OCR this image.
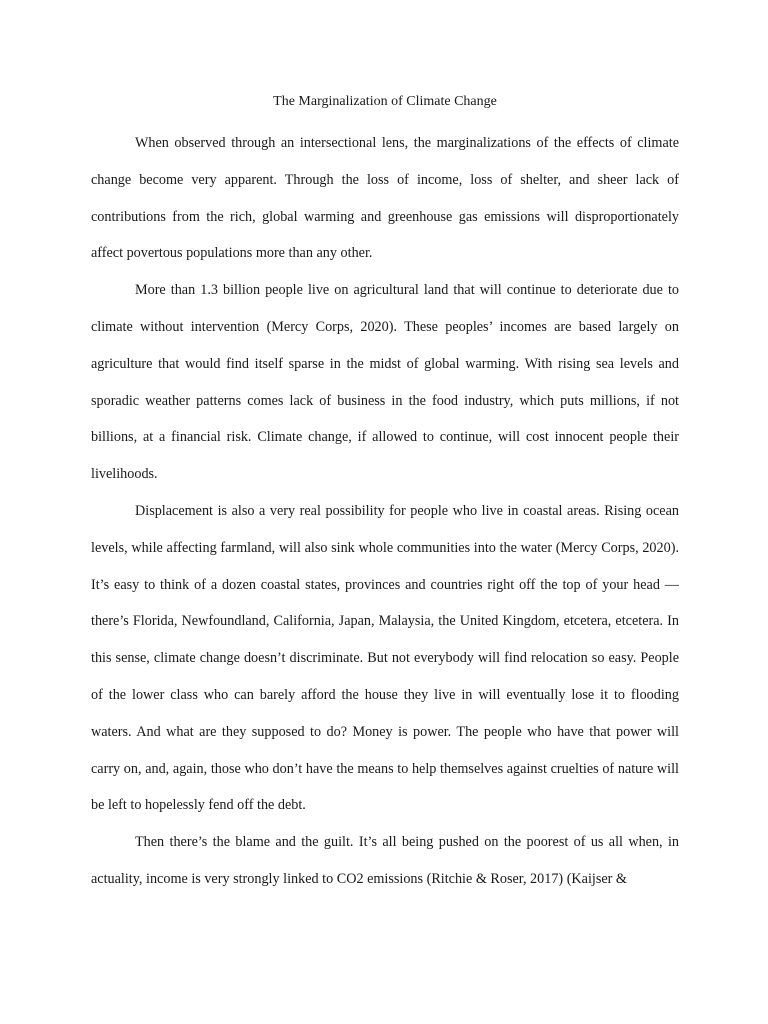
The Marginalization of Climate Change

When observed through an intersectional lens, the marginalizations of the effects of climate change become very apparent. Through the loss of income, loss of shelter, and sheer lack of contributions from the rich, global warming and greenhouse gas emissions will disproportionately affect povertous populations more than any other.

More than 1.3 billion people live on agricultural land that will continue to deteriorate due to climate without intervention (Mercy Corps, 2020). These peoples’ incomes are based largely on agriculture that would find itself sparse in the midst of global warming. With rising sea levels and sporadic weather patterns comes lack of business in the food industry, which puts millions, if not billions, at a financial risk. Climate change, if allowed to continue, will cost innocent people their livelihoods.

Displacement is also a very real possibility for people who live in coastal areas. Rising ocean levels, while affecting farmland, will also sink whole communities into the water (Mercy Corps, 2020). It’s easy to think of a dozen coastal states, provinces and countries right off the top of your head — there’s Florida, Newfoundland, California, Japan, Malaysia, the United Kingdom, etcetera, etcetera. In this sense, climate change doesn’t discriminate. But not everybody will find relocation so easy. People of the lower class who can barely afford the house they live in will eventually lose it to flooding waters. And what are they supposed to do? Money is power. The people who have that power will carry on, and, again, those who don’t have the means to help themselves against cruelties of nature will be left to hopelessly fend off the debt.

Then there’s the blame and the guilt. It’s all being pushed on the poorest of us all when, in actuality, income is very strongly linked to CO2 emissions (Ritchie & Roser, 2017) (Kaijser &
